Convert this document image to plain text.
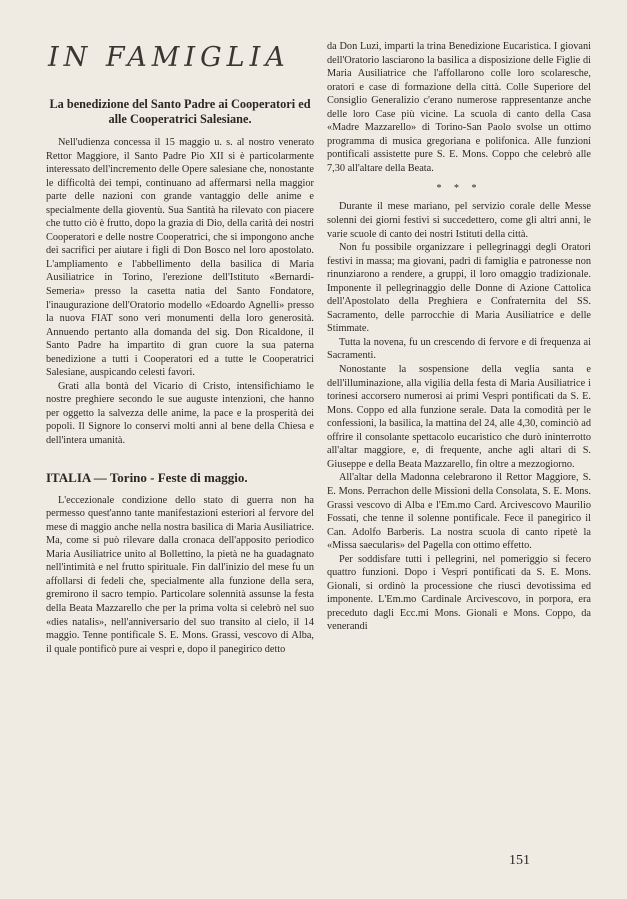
IN FAMIGLIA

La benedizione del Santo Padre ai Cooperatori ed alle Cooperatrici Salesiane.

Nell'udienza concessa il 15 maggio u. s. al nostro venerato Rettor Maggiore, il Santo Padre Pio XII si è particolarmente interessato dell'incremento delle Opere salesiane che, nonostante le difficoltà dei tempi, continuano ad affermarsi nella maggior parte delle nazioni con grande vantaggio delle anime e specialmente della gioventù. Sua Santità ha rilevato con piacere che tutto ciò è frutto, dopo la grazia di Dio, della carità dei nostri Cooperatori e delle nostre Cooperatrici, che si impongono anche dei sacrifici per aiutare i figli di Don Bosco nel loro apostolato. L'ampliamento e l'abbellimento della basilica di Maria Ausiliatrice in Torino, l'erezione dell'Istituto «Bernardi-Semeria» presso la casetta natia del Santo Fondatore, l'inaugurazione dell'Oratorio modello «Edoardo Agnelli» presso la nuova FIAT sono veri monumenti della loro generosità. Annuendo pertanto alla domanda del sig. Don Ricaldone, il Santo Padre ha impartito di gran cuore la sua paterna benedizione a tutti i Cooperatori ed a tutte le Cooperatrici Salesiane, auspicando celesti favori.

Grati alla bontà del Vicario di Cristo, intensifichiamo le nostre preghiere secondo le sue auguste intenzioni, che hanno per oggetto la salvezza delle anime, la pace e la prosperità dei popoli. Il Signore lo conservi molti anni al bene della Chiesa e dell'intera umanità.

ITALIA — Torino - Feste di maggio.

L'eccezionale condizione dello stato di guerra non ha permesso quest'anno tante manifestazioni esteriori al fervore del mese di maggio anche nella nostra basilica di Maria Ausiliatrice. Ma, come si può rilevare dalla cronaca dell'apposito periodico Maria Ausiliatrice unito al Bollettino, la pietà ne ha guadagnato nell'intimità e nel frutto spirituale. Fin dall'inizio del mese fu un affollarsi di fedeli che, specialmente alla funzione della sera, gremirono il sacro tempio. Particolare solennità assunse la festa della Beata Mazzarello che per la prima volta si celebrò nel suo «dies natalis», nell'anniversario del suo transito al cielo, il 14 maggio. Tenne pontificale S. E. Mons. Grassi, vescovo di Alba, il quale pontificò pure ai vespri e, dopo il panegirico detto

da Don Luzi, impartì la trina Benedizione Eucaristica. I giovani dell'Oratorio lasciarono la basilica a disposizione delle Figlie di Maria Ausiliatrice che l'affollarono colle loro scolaresche, oratori e case di formazione della città. Colle Superiore del Consiglio Generalizio c'erano numerose rappresentanze anche delle loro Case più vicine. La scuola di canto della Casa «Madre Mazzarello» di Torino-San Paolo svolse un ottimo programma di musica gregoriana e polifonica. Alle funzioni pontificali assistette pure S. E. Mons. Coppo che celebrò alle 7,30 all'altare della Beata.

* * *

Durante il mese mariano, pel servizio corale delle Messe solenni dei giorni festivi si succedettero, come gli altri anni, le varie scuole di canto dei nostri Istituti della città.

Non fu possibile organizzare i pellegrinaggi degli Oratori festivi in massa; ma giovani, padri di famiglia e patronesse non rinunziarono a rendere, a gruppi, il loro omaggio tradizionale. Imponente il pellegrinaggio delle Donne di Azione Cattolica dell'Apostolato della Preghiera e Confraternita del SS. Sacramento, delle parrocchie di Maria Ausiliatrice e delle Stimmate.

Tutta la novena, fu un crescendo di fervore e di frequenza ai Sacramenti.

Nonostante la sospensione della veglia santa e dell'illuminazione, alla vigilia della festa di Maria Ausiliatrice i torinesi accorsero numerosi ai primi Vespri pontificati da S. E. Mons. Coppo ed alla funzione serale. Data la comodità per le confessioni, la basilica, la mattina del 24, alle 4,30, cominciò ad offrire il consolante spettacolo eucaristico che durò ininterrotto all'altar maggiore, e, di frequente, anche agli altari di S. Giuseppe e della Beata Mazzarello, fin oltre a mezzogiorno.

All'altar della Madonna celebrarono il Rettor Maggiore, S. E. Mons. Perrachon delle Missioni della Consolata, S. E. Mons. Grassi vescovo di Alba e l'Em.mo Card. Arcivescovo Maurilio Fossati, che tenne il solenne pontificale. Fece il panegirico il Can. Adolfo Barberis. La nostra scuola di canto ripetè la «Missa saecularis» del Pagella con ottimo effetto.

Per soddisfare tutti i pellegrini, nel pomeriggio si fecero quattro funzioni. Dopo i Vespri pontificati da S. E. Mons. Gionali, si ordinò la processione che riuscì devotissima ed imponente. L'Em.mo Cardinale Arcivescovo, in porpora, era preceduto dagli Ecc.mi Mons. Gionali e Mons. Coppo, da venerandi

151
